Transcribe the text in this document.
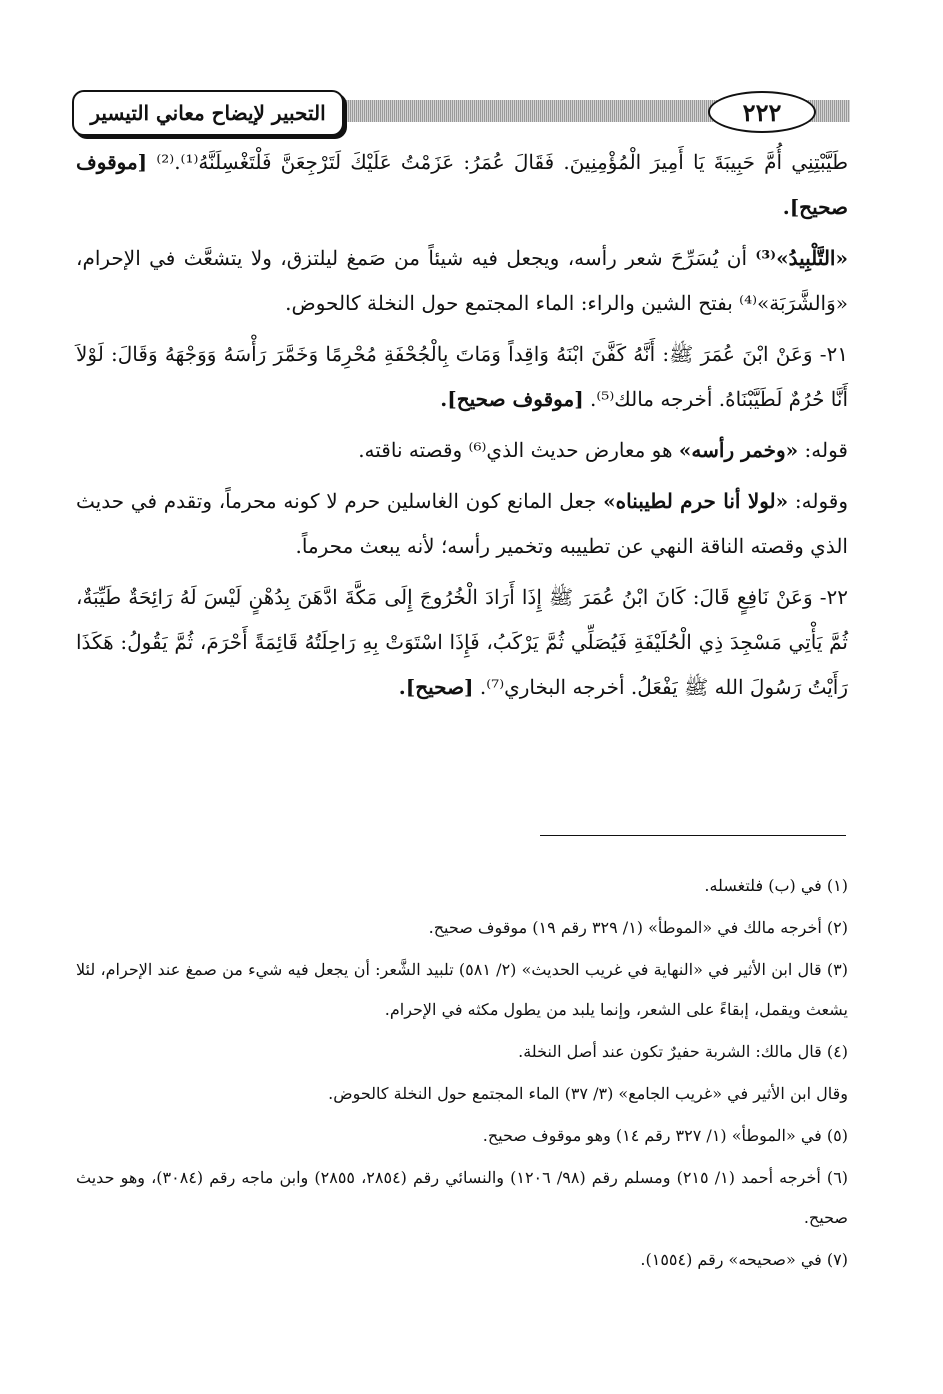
التحبير لإيضاح معاني التيسير	٢٢٢

طَيَّبْتِنِي أُمَّ حَبِيبَةَ يَا أَمِيرَ الْمُؤْمِنِينَ. فَقَالَ عُمَرُ: عَزَمْتُ عَلَيْكَ لَتَرْجِعَنَّ فَلْتَغْسِلَنَّهُ⁽¹⁾.⁽²⁾ [موقوف صحيح].

«التَّلْبِيدُ»⁽³⁾ أن يُسَرِّحَ شعر رأسه، ويجعل فيه شيئاً من صَمغ ليلتزق، ولا يتشعَّث في الإحرام، «وَالشَّرَبَة»⁽⁴⁾ بفتح الشين والراء: الماء المجتمع حول النخلة كالحوض.

٢١- وَعَنْ ابْنَ عُمَرَ ﷺ: أَنَّهُ كَفَّنَ ابْنَهُ وَاقِداً وَمَاتَ بِالْجُحْفَةِ مُحْرِمًا وَخَمَّرَ رَأْسَهُ وَوَجْهَهُ وَقَالَ: لَوْلاَ أَنَّا حُرُمٌ لَطَيَّبْنَاهُ. أخرجه مالك⁽⁵⁾. [موقوف صحيح].

قوله: «وخمر رأسه» هو معارض حديث الذي⁽⁶⁾ وقصته ناقته.

وقوله: «لولا أنا حرم لطيبناه» جعل المانع كون الغاسلين حرم لا كونه محرماً، وتقدم في حديث الذي وقصته الناقة النهي عن تطييبه وتخمير رأسه؛ لأنه يبعث محرماً.

٢٢- وَعَنْ نَافِعٍ قَالَ: كَانَ ابْنُ عُمَرَ ﷺ إِذَا أَرَادَ الْخُرُوجَ إِلَى مَكَّةَ ادَّهَنَ بِدُهْنٍ لَيْسَ لَهُ رَائِحَةٌ طَيِّبَةٌ، ثُمَّ يَأْتِي مَسْجِدَ ذِي الْحُلَيْفَةِ فَيُصَلِّي ثُمَّ يَرْكَبُ، فَإِذَا اسْتَوَتْ بِهِ رَاحِلَتُهُ قَائِمَةً أَحْرَمَ، ثُمَّ يَقُولُ: هَكَذَا رَأَيْتُ رَسُولَ الله ﷺ يَفْعَلُ. أخرجه البخاري⁽⁷⁾. [صحيح].

(١) في (ب) فلتغسله.

(٢) أخرجه مالك في «الموطأ» (١/ ٣٢٩ رقم ١٩) موقوف صحيح.

(٣) قال ابن الأثير في «النهاية في غريب الحديث» (٢/ ٥٨١) تلبيد الشَّعر: أن يجعل فيه شيء من صمغ عند الإحرام، لئلا يشعث ويقمل، إبقاءً على الشعر، وإنما يلبد من يطول مكثه في الإحرام.

(٤) قال مالك: الشربة حفيرٌ تكون عند أصل النخلة.

وقال ابن الأثير في «غريب الجامع» (٣/ ٣٧) الماء المجتمع حول النخلة كالحوض.

(٥) في «الموطأ» (١/ ٣٢٧ رقم ١٤) وهو موقوف صحيح.

(٦) أخرجه أحمد (١/ ٢١٥) ومسلم رقم (٩٨/ ١٢٠٦) والنسائي رقم (٢٨٥٤، ٢٨٥٥) وابن ماجه رقم (٣٠٨٤)، وهو حديث صحيح.

(٧) في «صحيحه» رقم (١٥٥٤).
